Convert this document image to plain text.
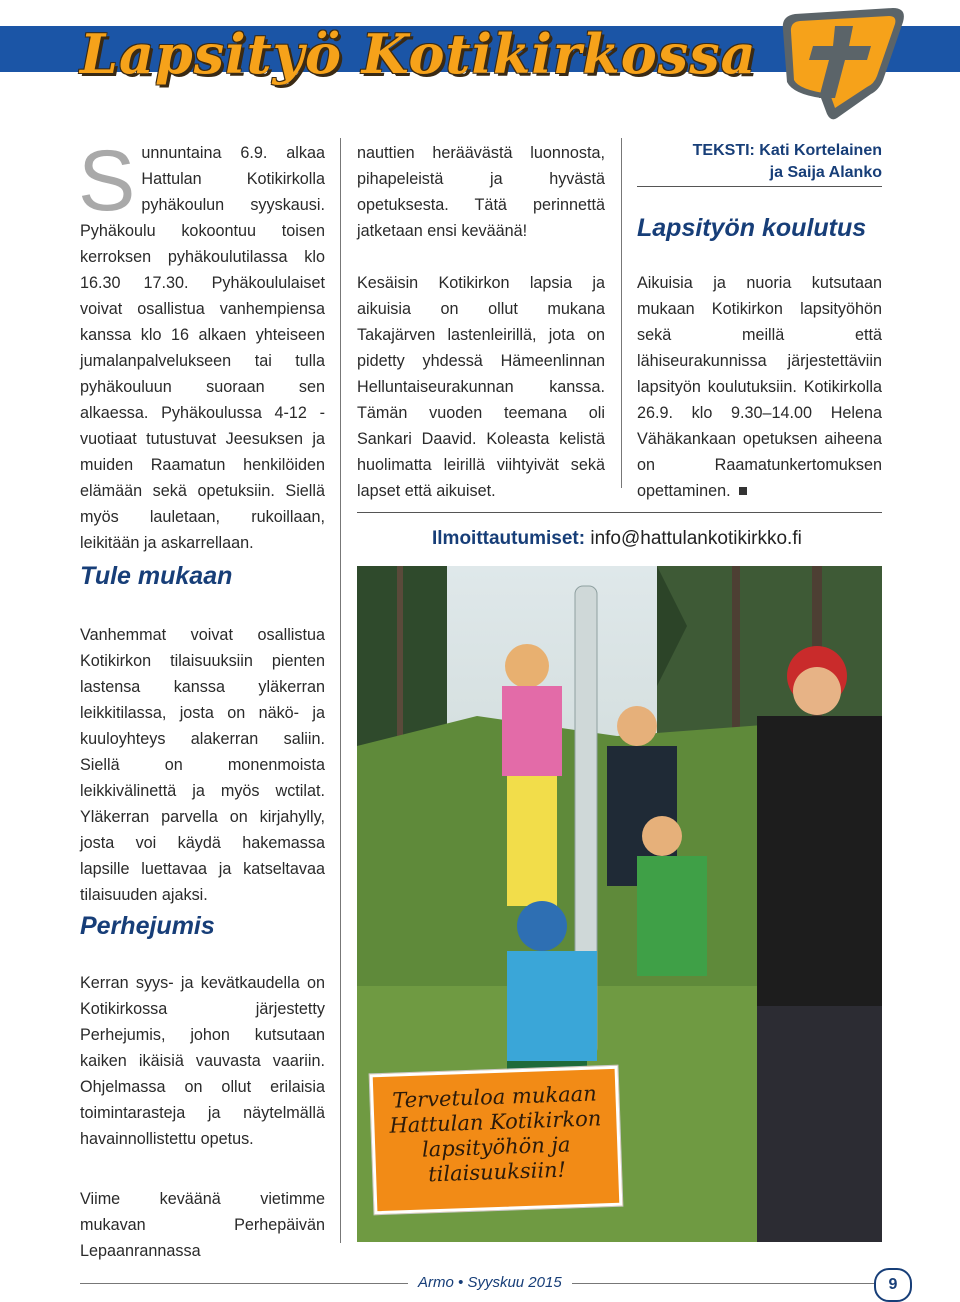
Lapsityö Kotikirkossa

Sunnuntaina 6.9. alkaa Hattulan Kotikirkolla pyhäkoulun syyskausi. Pyhäkoulu kokoontuu toisen kerroksen pyhäkoulutilassa klo 16.30 17.30. Pyhäkoululaiset voivat osallistua vanhempiensa kanssa klo 16 alkaen yhteiseen jumalanpalvelukseen tai tulla pyhäkouluun suoraan sen alkaessa. Pyhäkoulussa 4-12 -vuotiaat tutustuvat Jeesuksen ja muiden Raamatun henkilöiden elämään sekä opetuksiin. Siellä myös lauletaan, rukoillaan, leikitään ja askarrellaan.

Tule mukaan

Vanhemmat voivat osallistua Kotikirkon tilaisuuksiin pienten lastensa kanssa yläkerran leikkitilassa, josta on näkö- ja kuuloyhteys alakerran saliin. Siellä on monenmoista leikkivälinettä ja myös wctilat. Yläkerran parvella on kirjahylly, josta voi käydä hakemassa lapsille luettavaa ja katseltavaa tilaisuuden ajaksi.

Perhejumis

Kerran syys- ja kevätkaudella on Kotikirkossa järjestetty Perhejumis, johon kutsutaan kaiken ikäisiä vauvasta vaariin. Ohjelmassa on ollut erilaisia toimintarasteja ja näytelmällä havainnollistettu opetus.

Viime keväänä vietimme mukavan Perhepäivän Lepaanrannassa

nauttien heräävästä luonnosta, pihapeleistä ja hyvästä opetuksesta. Tätä perinnettä jatketaan ensi keväänä!

Kesäisin Kotikirkon lapsia ja aikuisia on ollut mukana Takajärven lastenleirillä, jota on pidetty yhdessä Hämeenlinnan Helluntaiseurakunnan kanssa. Tämän vuoden teemana oli Sankari Daavid. Koleasta kelistä huolimatta leirillä viihtyivät sekä lapset että aikuiset.

TEKSTI: Kati Kortelainen
ja Saija Alanko
Lapsityön koulutus

Aikuisia ja nuoria kutsutaan mukaan Kotikirkon lapsityöhön sekä meillä että lähiseurakunnissa järjestettäviin lapsityön koulutuksiin. Kotikirkolla 26.9. klo 9.30–14.00 Helena Vähäkankaan opetuksen aiheena on Raamatunkertomuksen opettaminen.

Ilmoittautumiset: info@hattulankotikirkko.fi
Tervetuloa mukaan
Hattulan Kotikirkon
lapsityöhön ja
tilaisuuksiin!
Armo • Syyskuu 2015	9
